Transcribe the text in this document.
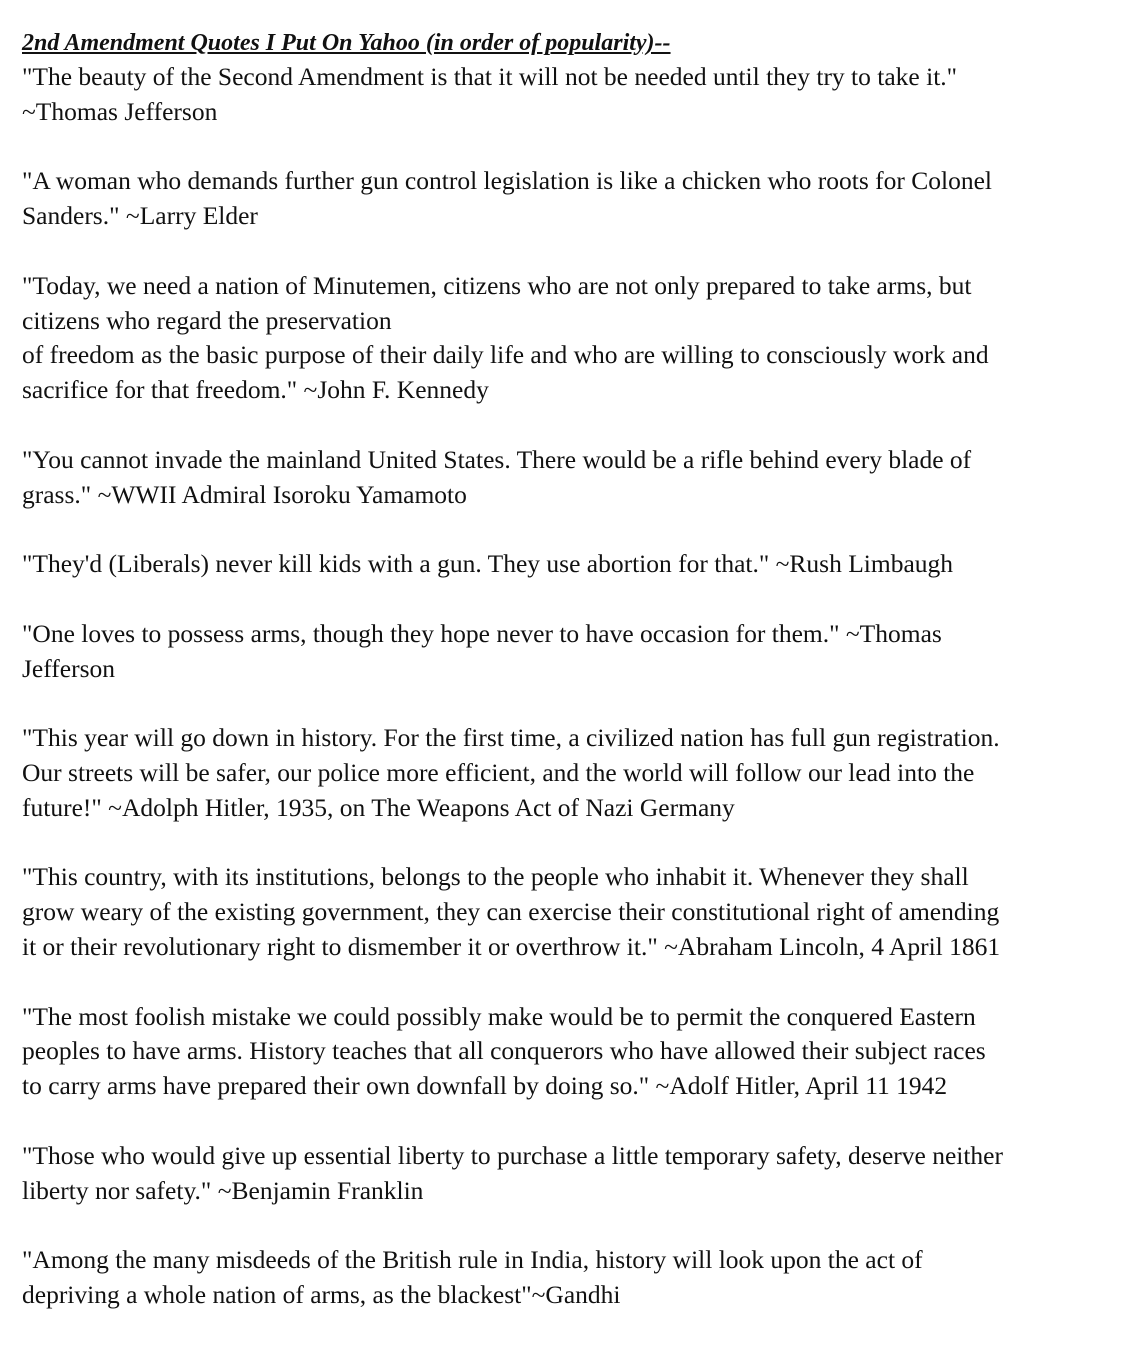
2nd Amendment Quotes I Put On Yahoo (in order of popularity)--

"The beauty of the Second Amendment is that it will not be needed until they try to take it."
~Thomas Jefferson

"A woman who demands further gun control legislation is like a chicken who roots for Colonel
Sanders." ~Larry Elder

"Today, we need a nation of Minutemen, citizens who are not only prepared to take arms, but
citizens who regard the preservation
of freedom as the basic purpose of their daily life and who are willing to consciously work and
sacrifice for that freedom." ~John F. Kennedy

"You cannot invade the mainland United States. There would be a rifle behind every blade of
grass." ~WWII Admiral Isoroku Yamamoto

"They'd (Liberals) never kill kids with a gun. They use abortion for that." ~Rush Limbaugh

"One loves to possess arms, though they hope never to have occasion for them." ~Thomas
Jefferson

"This year will go down in history. For the first time, a civilized nation has full gun registration.
Our streets will be safer, our police more efficient, and the world will follow our lead into the
future!" ~Adolph Hitler, 1935, on The Weapons Act of Nazi Germany

"This country, with its institutions, belongs to the people who inhabit it. Whenever they shall
grow weary of the existing government, they can exercise their constitutional right of amending
it or their revolutionary right to dismember it or overthrow it." ~Abraham Lincoln, 4 April 1861

"The most foolish mistake we could possibly make would be to permit the conquered Eastern
peoples to have arms. History teaches that all conquerors who have allowed their subject races
to carry arms have prepared their own downfall by doing so." ~Adolf Hitler, April 11 1942

"Those who would give up essential liberty to purchase a little temporary safety, deserve neither
liberty nor safety." ~Benjamin Franklin

"Among the many misdeeds of the British rule in India, history will look upon the act of
depriving a whole nation of arms, as the blackest"~Gandhi
